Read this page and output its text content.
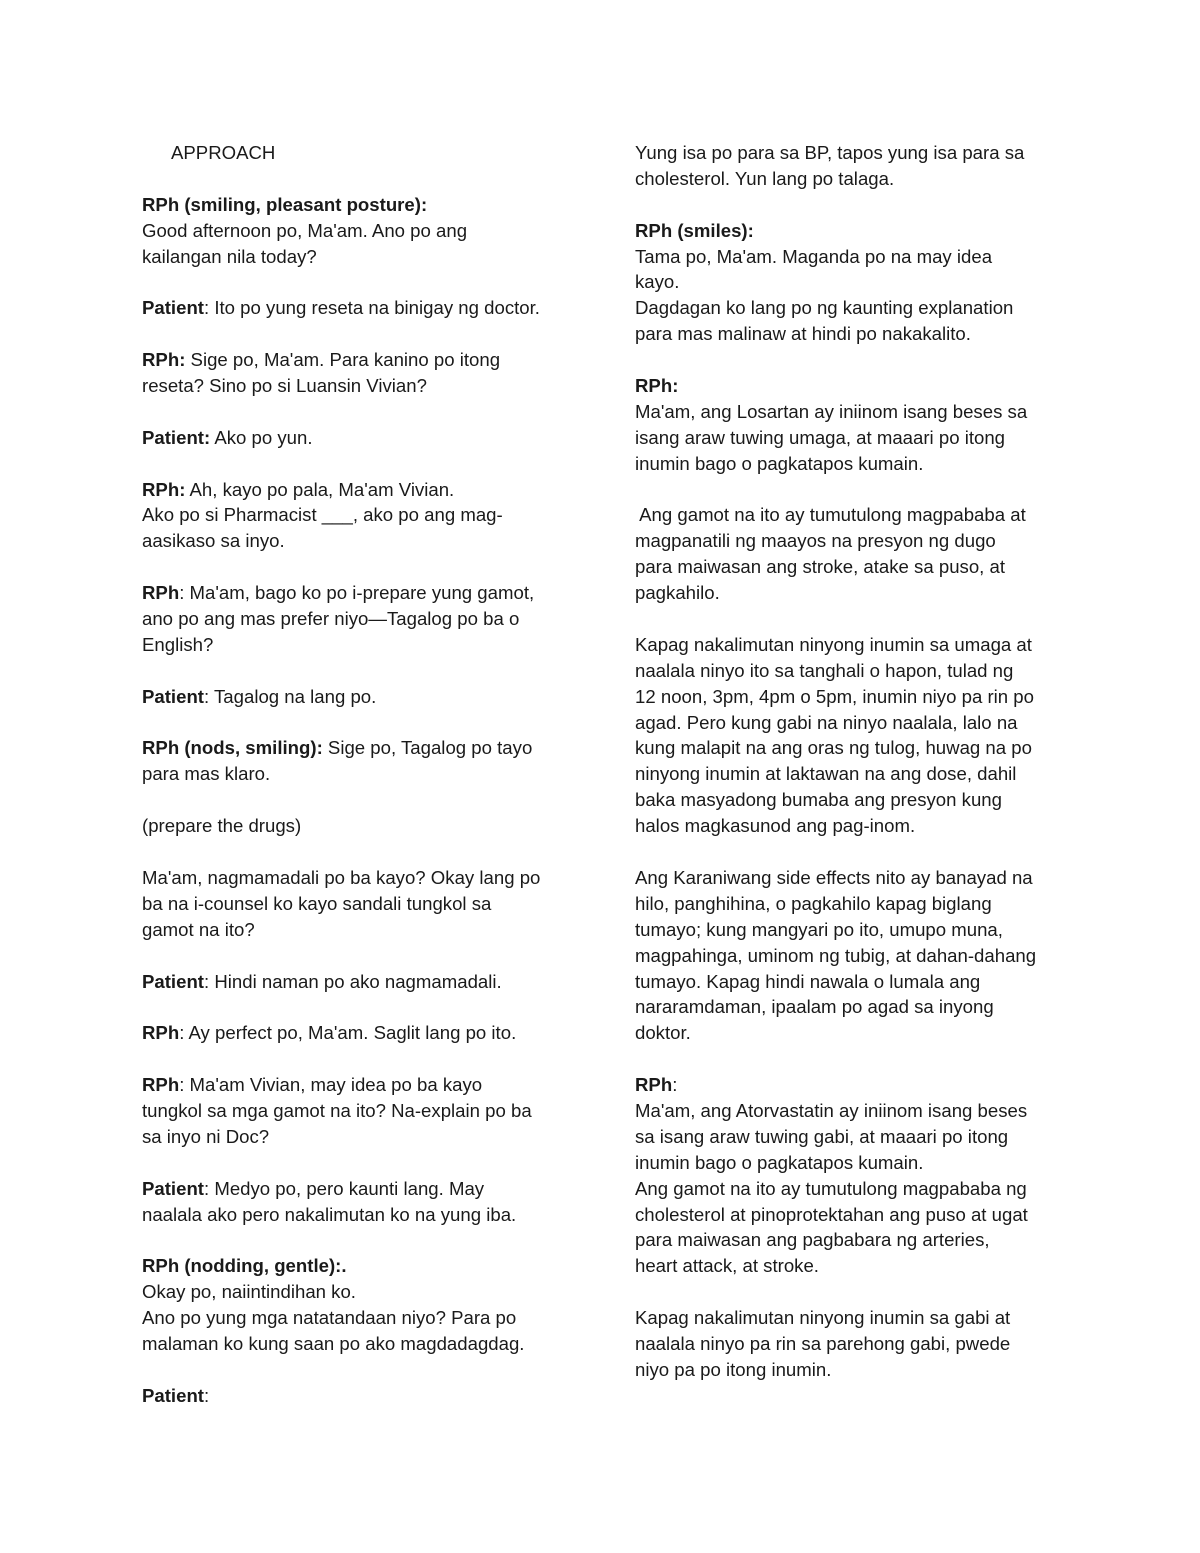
APPROACH
RPh (smiling, pleasant posture):
Good afternoon po, Ma'am. Ano po ang
kailangan nila today?
Patient: Ito po yung reseta na binigay ng doctor.
RPh: Sige po, Ma'am. Para kanino po itong
reseta? Sino po si Luansin Vivian?
Patient: Ako po yun.
RPh: Ah, kayo po pala, Ma'am Vivian.
Ako po si Pharmacist ___, ako po ang mag-
aasikaso sa inyo.
RPh: Ma'am, bago ko po i-prepare yung gamot,
ano po ang mas prefer niyo—Tagalog po ba o
English?
Patient: Tagalog na lang po.
RPh (nods, smiling): Sige po, Tagalog po tayo
para mas klaro.
(prepare the drugs)
Ma'am, nagmamadali po ba kayo? Okay lang po
ba na i-counsel ko kayo sandali tungkol sa
gamot na ito?
Patient: Hindi naman po ako nagmamadali.
RPh: Ay perfect po, Ma'am. Saglit lang po ito.
RPh: Ma'am Vivian, may idea po ba kayo
tungkol sa mga gamot na ito? Na-explain po ba
sa inyo ni Doc?
Patient: Medyo po, pero kaunti lang. May
naalala ako pero nakalimutan ko na yung iba.
RPh (nodding, gentle):.
Okay po, naiintindihan ko.
Ano po yung mga natatandaan niyo? Para po
malaman ko kung saan po ako magdadagdag.
Patient:
Yung isa po para sa BP, tapos yung isa para sa
cholesterol. Yun lang po talaga.
RPh (smiles):
Tama po, Ma'am. Maganda po na may idea
kayo.
Dagdagan ko lang po ng kaunting explanation
para mas malinaw at hindi po nakakalito.
RPh:
Ma'am, ang Losartan ay iniinom isang beses sa
isang araw tuwing umaga, at maaari po itong
inumin bago o pagkatapos kumain.
Ang gamot na ito ay tumutulong magpababa at
magpanatili ng maayos na presyon ng dugo
para maiwasan ang stroke, atake sa puso, at
pagkahilo.
Kapag nakalimutan ninyong inumin sa umaga at
naalala ninyo ito sa tanghali o hapon, tulad ng
12 noon, 3pm, 4pm o 5pm, inumin niyo pa rin po
agad. Pero kung gabi na ninyo naalala, lalo na
kung malapit na ang oras ng tulog, huwag na po
ninyong inumin at laktawan na ang dose, dahil
baka masyadong bumaba ang presyon kung
halos magkasunod ang pag-inom.
Ang Karaniwang side effects nito ay banayad na
hilo, panghihina, o pagkahilo kapag biglang
tumayo; kung mangyari po ito, umupo muna,
magpahinga, uminom ng tubig, at dahan-dahang
tumayo. Kapag hindi nawala o lumala ang
nararamdaman, ipaalam po agad sa inyong
doktor.
RPh:
Ma'am, ang Atorvastatin ay iniinom isang beses
sa isang araw tuwing gabi, at maaari po itong
inumin bago o pagkatapos kumain.
Ang gamot na ito ay tumutulong magpababa ng
cholesterol at pinoprotektahan ang puso at ugat
para maiwasan ang pagbabara ng arteries,
heart attack, at stroke.
Kapag nakalimutan ninyong inumin sa gabi at
naalala ninyo pa rin sa parehong gabi, pwede
niyo pa po itong inumin.
